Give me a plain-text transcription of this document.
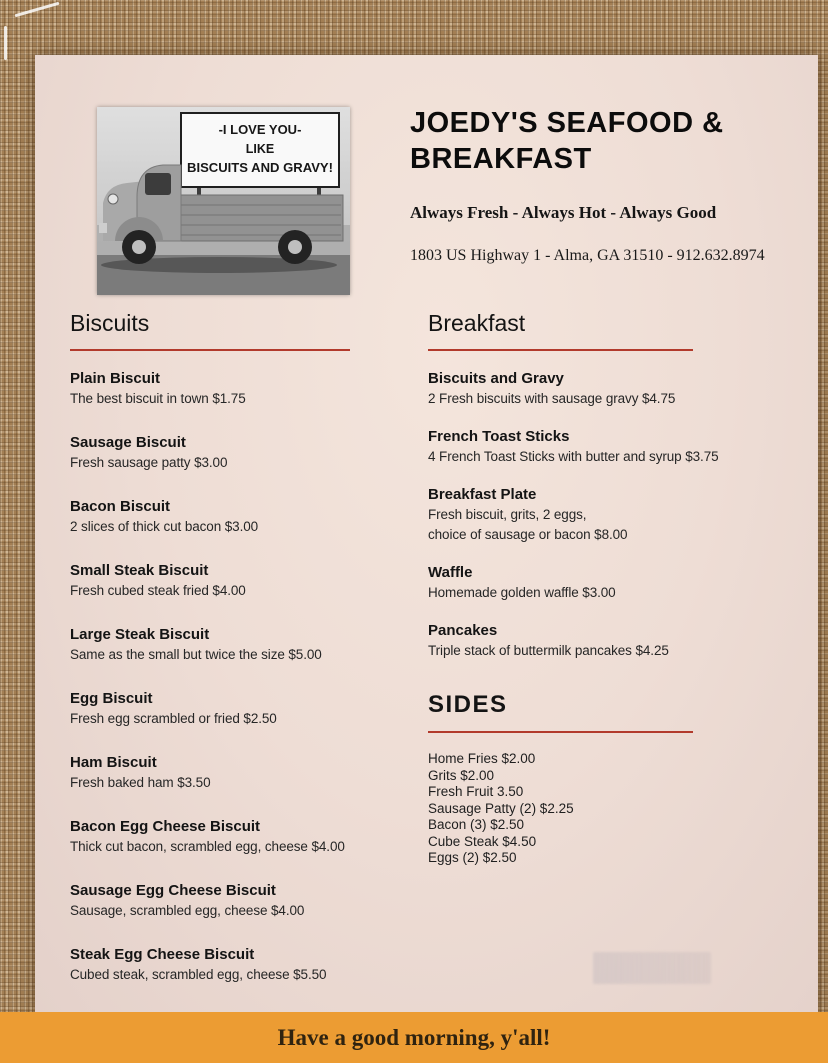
-I LOVE YOU-
LIKE
BISCUITS AND GRAVY!
JOEDY'S SEAFOOD &
BREAKFAST
Always Fresh - Always Hot - Always Good
1803 US Highway 1 - Alma, GA 31510 - 912.632.8974
Biscuits
Plain Biscuit
The best biscuit in town $1.75
Sausage Biscuit
Fresh sausage patty $3.00
Bacon Biscuit
2 slices of thick cut bacon $3.00
Small Steak Biscuit
Fresh cubed steak fried $4.00
Large Steak Biscuit
Same as the small but twice the size $5.00
Egg Biscuit
Fresh egg scrambled or fried $2.50
Ham Biscuit
Fresh baked ham $3.50
Bacon Egg Cheese Biscuit
Thick cut bacon, scrambled egg, cheese $4.00
Sausage Egg Cheese Biscuit
Sausage, scrambled egg, cheese $4.00
Steak Egg Cheese Biscuit
Cubed steak, scrambled egg, cheese $5.50
Breakfast
Biscuits and Gravy
2 Fresh biscuits with sausage gravy $4.75
French Toast Sticks
4 French Toast Sticks with butter and syrup $3.75
Breakfast Plate
Fresh biscuit, grits, 2 eggs,
choice of sausage or bacon $8.00
Waffle
Homemade golden waffle $3.00
Pancakes
Triple stack of buttermilk pancakes $4.25
SIDES
Home Fries $2.00
Grits $2.00
Fresh Fruit 3.50
Sausage Patty (2) $2.25
Bacon (3) $2.50
Cube Steak $4.50
Eggs (2) $2.50
Have a good morning, y'all!
